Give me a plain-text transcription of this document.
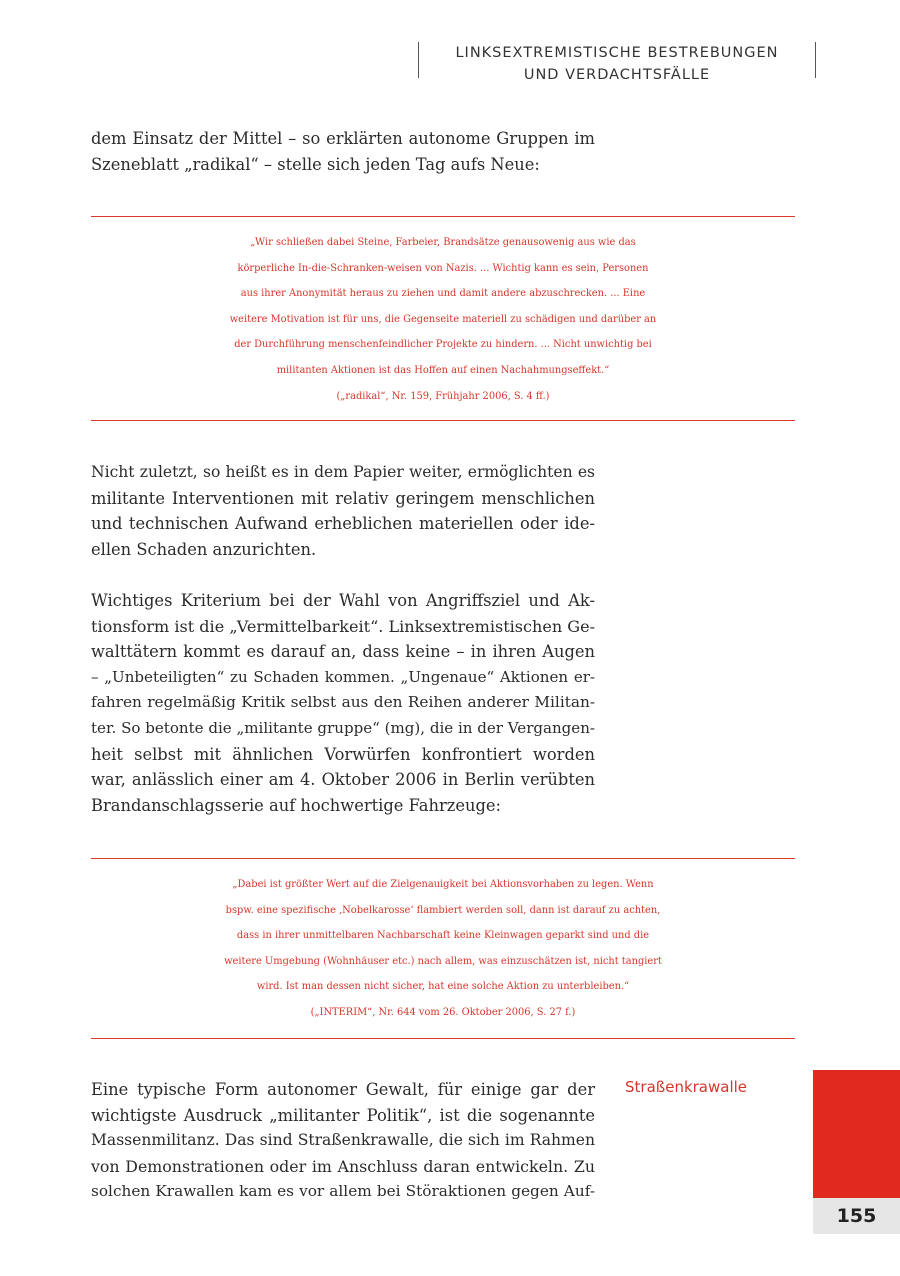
LINKSEXTREMISTISCHE BESTREBUNGEN
UND VERDACHTSFÄLLE

dem Einsatz der Mittel – so erklärten autonome Gruppen im
Szeneblatt „radikal“ – stelle sich jeden Tag aufs Neue:

„Wir schließen dabei Steine, Farbeier, Brandsätze genausowenig aus wie das
körperliche In-die-Schranken-weisen von Nazis. ... Wichtig kann es sein, Personen
aus ihrer Anonymität heraus zu ziehen und damit andere abzuschrecken. ... Eine
weitere Motivation ist für uns, die Gegenseite materiell zu schädigen und darüber an
der Durchführung menschenfeindlicher Projekte zu hindern. ... Nicht unwichtig bei
militanten Aktionen ist das Hoffen auf einen Nachahmungseffekt.“
(„radikal“, Nr. 159, Frühjahr 2006, S. 4 ff.)

Nicht zuletzt, so heißt es in dem Papier weiter, ermöglichten es
militante Interventionen mit relativ geringem menschlichen
und technischen Aufwand erheblichen materiellen oder ide-
ellen Schaden anzurichten.

Wichtiges Kriterium bei der Wahl von Angriffsziel und Ak-
tionsform ist die „Vermittelbarkeit“. Linksextremistischen Ge-
walttätern kommt es darauf an, dass keine – in ihren Augen
– „Unbeteiligten“ zu Schaden kommen. „Ungenaue“ Aktionen er-
fahren regelmäßig Kritik selbst aus den Reihen anderer Militan-
ter. So betonte die „militante gruppe“ (mg), die in der Vergangen-
heit selbst mit ähnlichen Vorwürfen konfrontiert worden
war, anlässlich einer am 4. Oktober 2006 in Berlin verübten
Brandanschlagsserie auf hochwertige Fahrzeuge:

„Dabei ist größter Wert auf die Zielgenauigkeit bei Aktionsvorhaben zu legen. Wenn
bspw. eine spezifische ‚Nobelkarosse‘ flambiert werden soll, dann ist darauf zu achten,
dass in ihrer unmittelbaren Nachbarschaft keine Kleinwagen geparkt sind und die
weitere Umgebung (Wohnhäuser etc.) nach allem, was einzuschätzen ist, nicht tangiert
wird. Ist man dessen nicht sicher, hat eine solche Aktion zu unterbleiben.“
(„INTERIM“, Nr. 644 vom 26. Oktober 2006, S. 27 f.)

Eine typische Form autonomer Gewalt, für einige gar der
wichtigste Ausdruck „militanter Politik“, ist die sogenannte
Massenmilitanz. Das sind Straßenkrawalle, die sich im Rahmen
von Demonstrationen oder im Anschluss daran entwickeln. Zu
solchen Krawallen kam es vor allem bei Störaktionen gegen Auf-

Straßenkrawalle
155
